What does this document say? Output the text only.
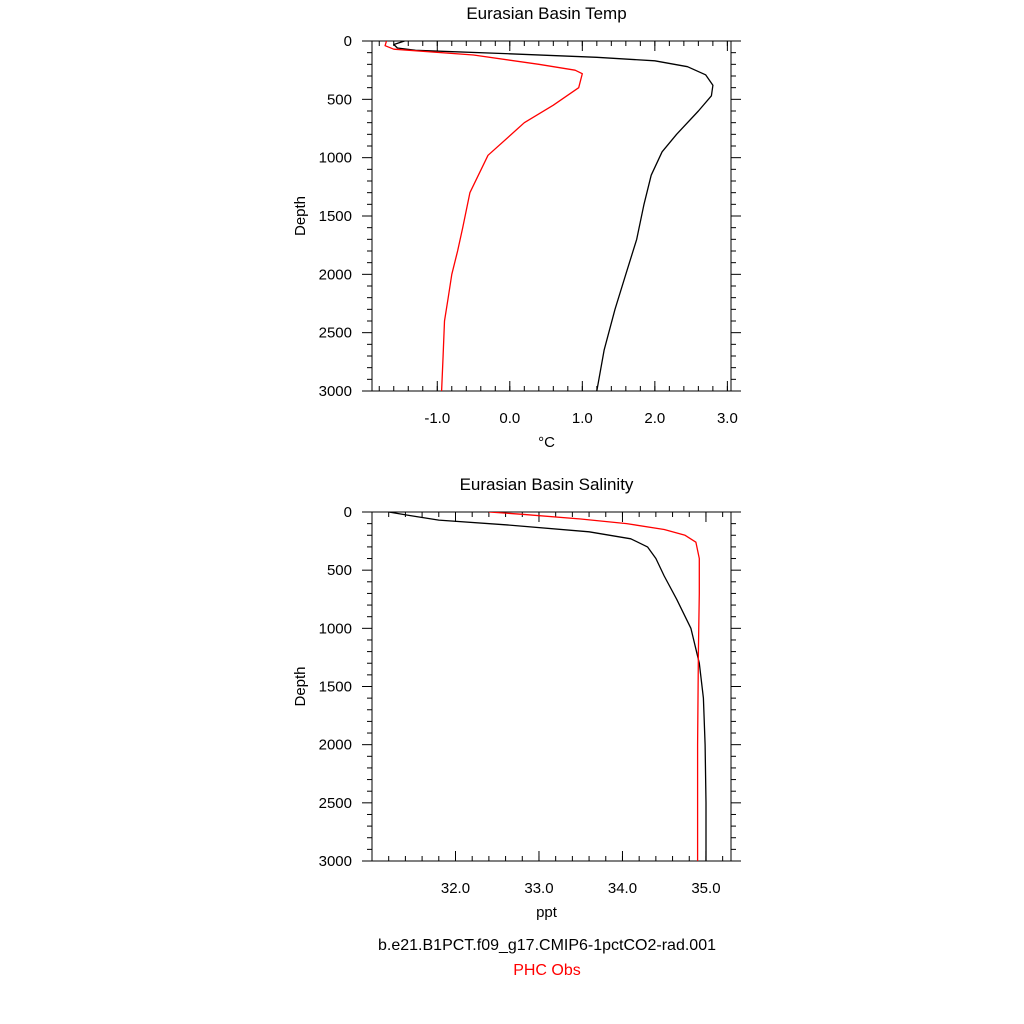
-1.0	0.0	1.0	2.0	3.0
0
500
1000
1500
2000
2500
3000
Eurasian Basin Temp
°C
Depth
32.0	33.0	34.0	35.0
0
500
1000
1500
2000
2500
3000
Eurasian Basin Salinity
ppt
Depth
b.e21.B1PCT.f09_g17.CMIP6-1pctCO2-rad.001
PHC Obs
